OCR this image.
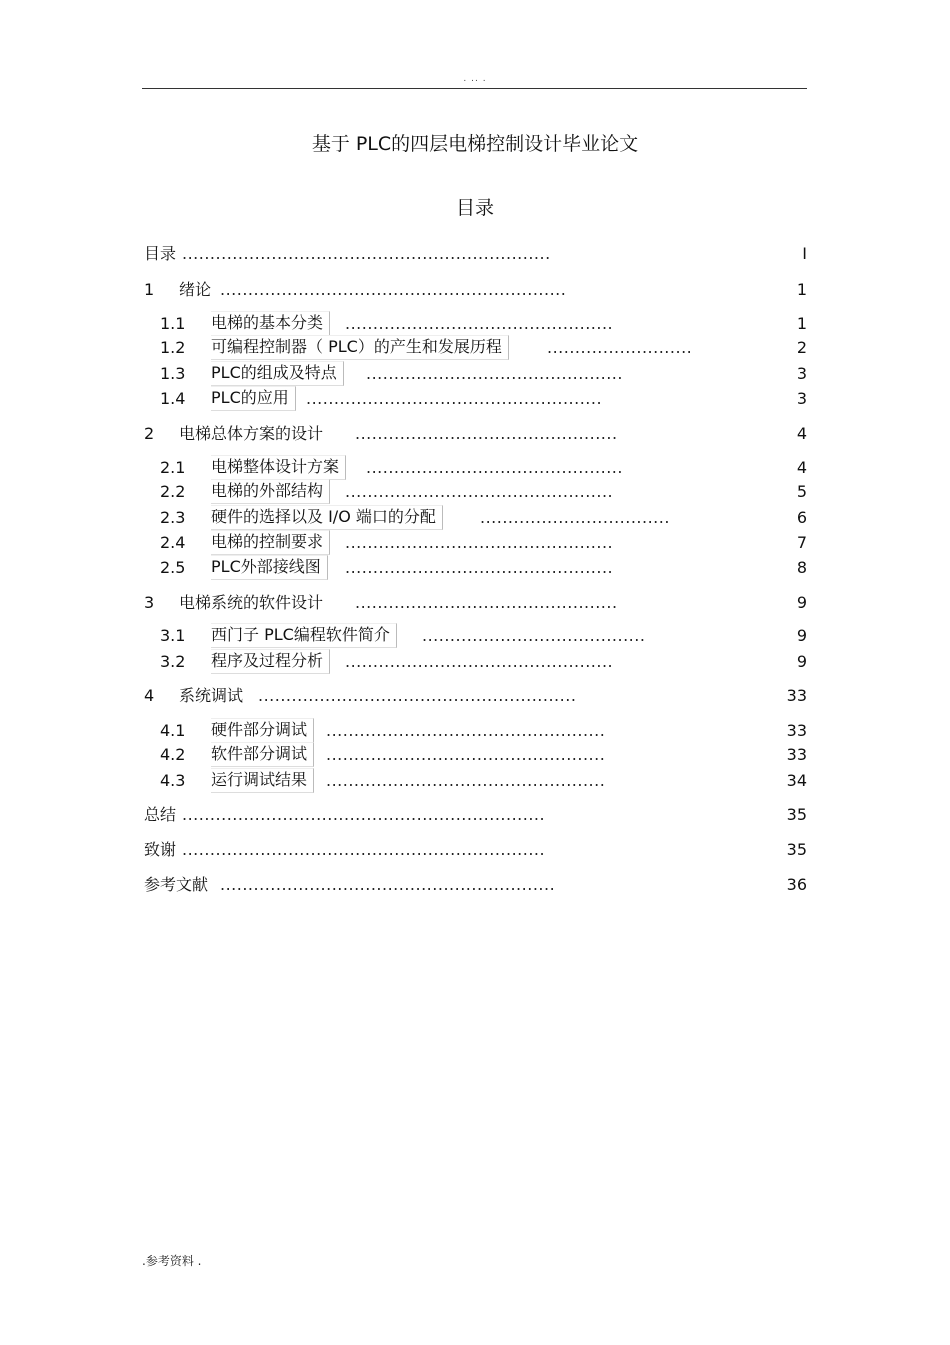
. .. .
基于 PLC的四层电梯控制设计毕业论文
目录
目录 ..................................................................	I
1 绪论 ..............................................................	1
1.1 电梯的基本分类	................................................	1
1.2 可编程控制器（ PLC）的产生和发展历程	..........................	2
1.3 PLC的组成及特点	..............................................	3
1.4 PLC的应用	.....................................................	3
2 电梯总体方案的设计	...............................................	4
2.1 电梯整体设计方案	..............................................	4
2.2 电梯的外部结构	................................................	5
2.3 硬件的选择以及 I/O 端口的分配	..................................	6
2.4 电梯的控制要求	................................................	7
2.5 PLC外部接线图	................................................	8
3 电梯系统的软件设计	...............................................	9
3.1 西门子 PLC编程软件简介	........................................	9
3.2 程序及过程分析	................................................	9
4 系统调试 .........................................................	33
4.1 硬件部分调试	..................................................	33
4.2 软件部分调试	..................................................	33
4.3 运行调试结果	..................................................	34
总结 .................................................................	35
致谢 .................................................................	35
参考文献 ............................................................	36
.参考资料 .
